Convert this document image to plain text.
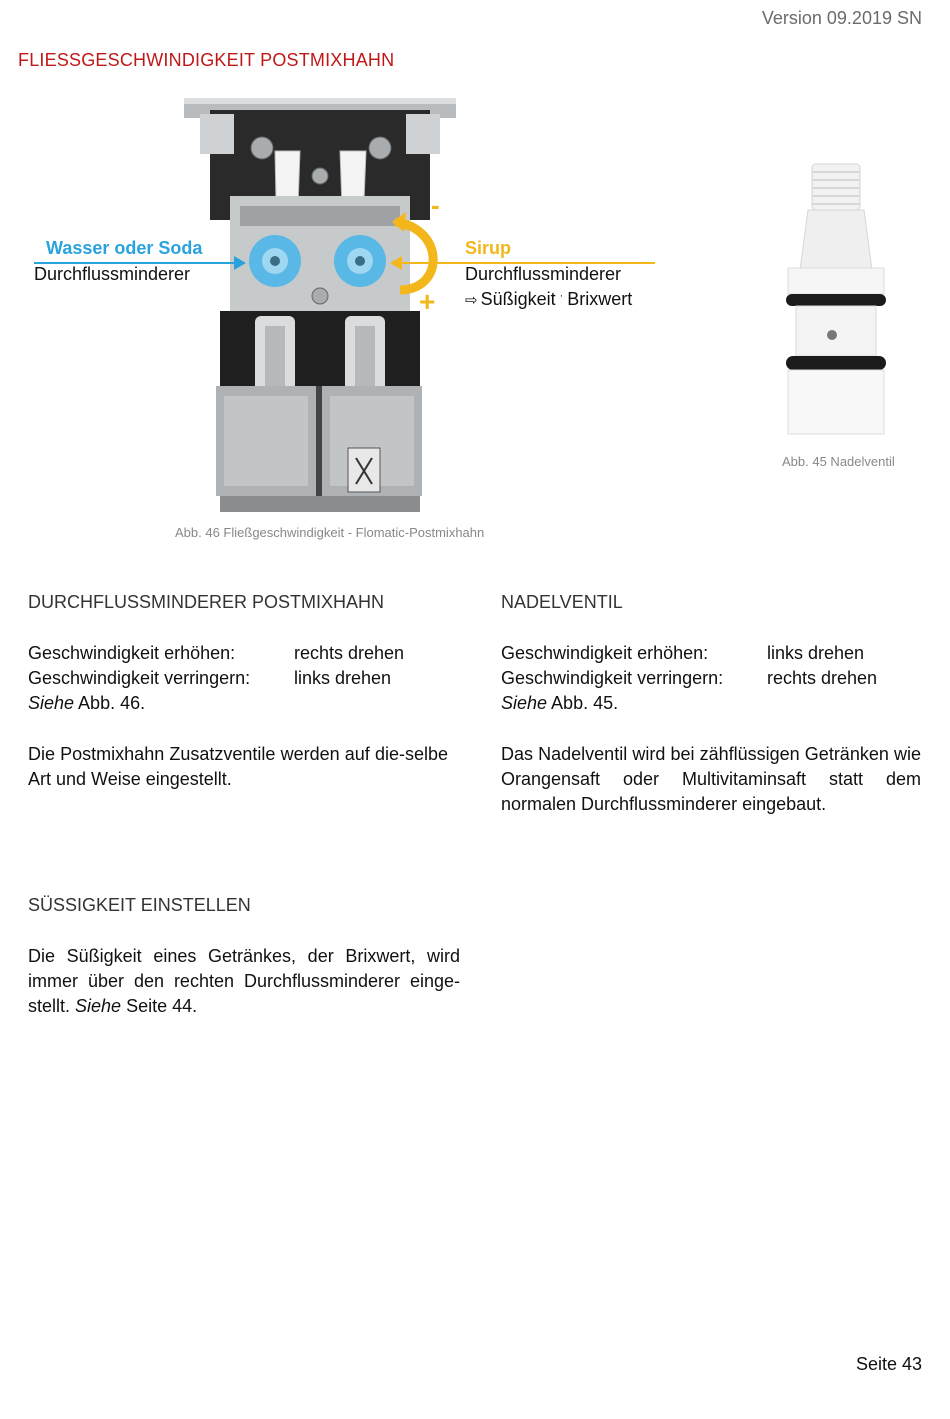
Version 09.2019 SN
FLIESSGESCHWINDIGKEIT POSTMIXHAHN
-
+
Wasser oder Soda
Durchflussminderer
Sirup
Durchflussminderer
⇨ Süßigkeit · Brixwert
Abb. 46 Fließgeschwindigkeit - Flomatic-Postmixhahn
Abb. 45 Nadelventil
DURCHFLUSSMINDERER POSTMIXHAHN
Geschwindigkeit erhöhen:	rechts drehen
Geschwindigkeit verringern:	links drehen
Siehe Abb. 46.
Die Postmixhahn Zusatzventile werden auf die-selbe Art und Weise eingestellt.
NADELVENTIL
Geschwindigkeit erhöhen:	links drehen
Geschwindigkeit verringern:	rechts drehen
Siehe Abb. 45.
Das Nadelventil wird bei zähflüssigen Getränken wie Orangensaft oder Multivitaminsaft statt dem normalen Durchflussminderer eingebaut.
SÜSSIGKEIT EINSTELLEN
Die Süßigkeit eines Getränkes, der Brixwert, wird immer über den rechten Durchflussminderer einge-stellt. Siehe Seite 44.
Seite 43
